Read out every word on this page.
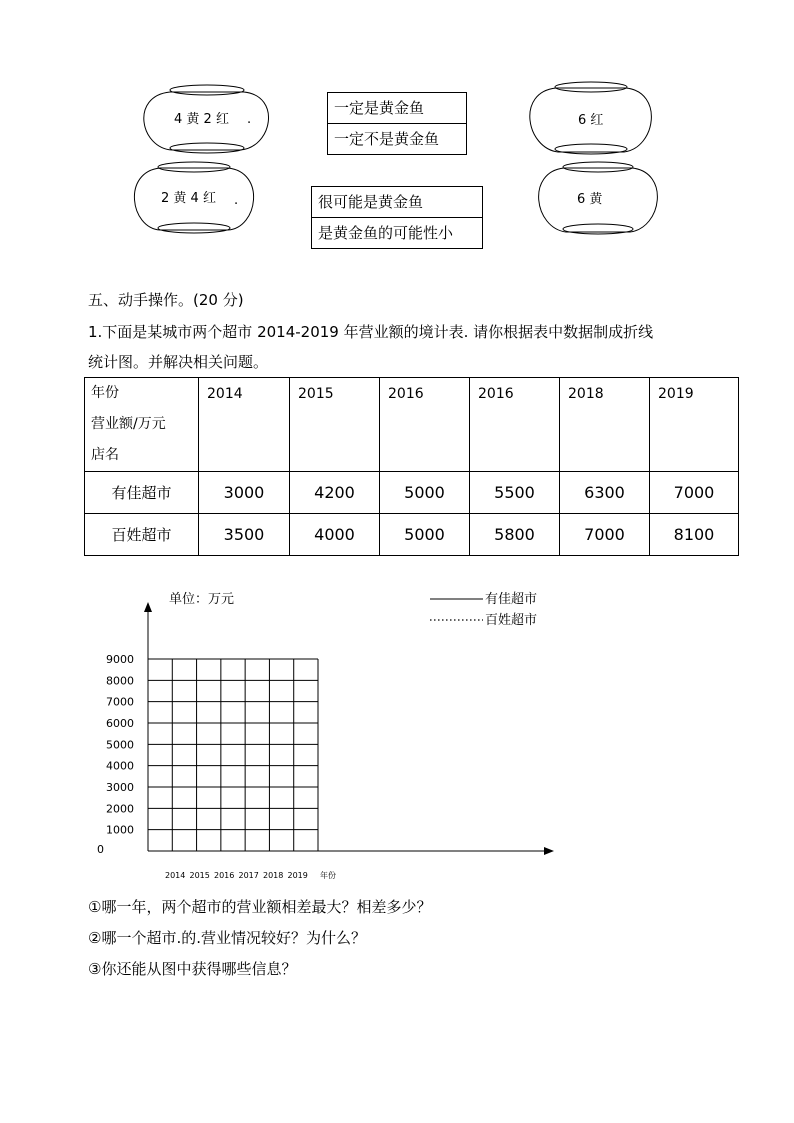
4 黄 2 红 .
2 黄 4 红 .
6 红
6 黄
一定是黄金鱼
一定不是黄金鱼
很可能是黄金鱼
是黄金鱼的可能性小
五、动手操作。(20 分)
1.下面是某城市两个超市 2014-2019 年营业额的境计表. 请你根据表中数据制成折线
统计图。并解决相关问题。
年份
营业额/万元
店名	2014	2015	2016	2016	2018	2019
有佳超市	3000	4200	5000	5500	6300	7000
百姓超市	3500	4000	5000	5800	7000	8100
单位：万元	有佳超市
百姓超市
9000
8000
7000
6000
5000
4000
3000
2000
1000
2014 2015 2016 2017 2018 2019
0
年份
①哪一年，两个超市的营业额相差最大？相差多少？
②哪一个超市.的.营业情况较好？为什么？
③你还能从图中获得哪些信息？
